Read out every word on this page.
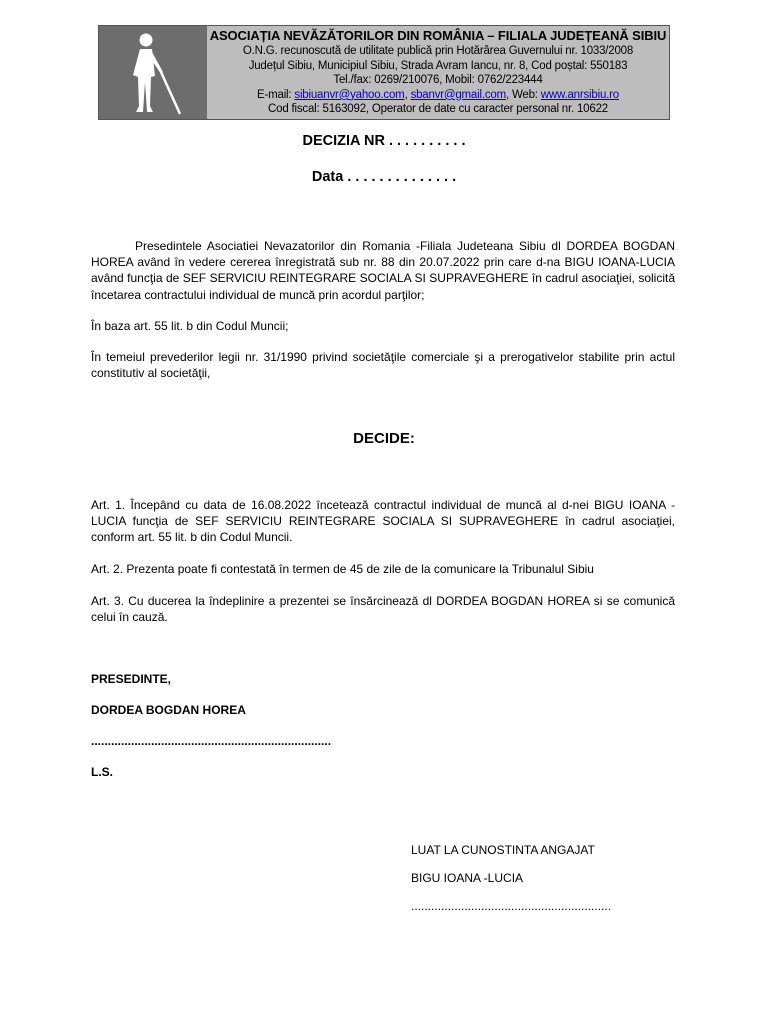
ASOCIAȚIA NEVĂZĂTORILOR DIN ROMÂNIA – FILIALA JUDEȚEANĂ SIBIU
O.N.G. recunoscută de utilitate publică prin Hotărârea Guvernului nr. 1033/2008
Județul Sibiu, Municipiul Sibiu, Strada Avram Iancu, nr. 8, Cod poștal: 550183
Tel./fax: 0269/210076, Mobil: 0762/223444
E-mail: sibiuanvr@yahoo.com, sbanvr@gmail.com, Web: www.anrsibiu.ro
Cod fiscal: 5163092, Operator de date cu caracter personal nr. 10622
DECIZIA NR . . . . . . . . . .
Data . . . . . . . . . . . . . .
Presedintele Asociatiei Nevazatorilor din Romania -Filiala Judeteana Sibiu dl DORDEA BOGDAN HOREA având în vedere cererea înregistrată sub nr. 88 din 20.07.2022 prin care d-na BIGU IOANA-LUCIA având funcţia de SEF SERVICIU REINTEGRARE SOCIALA SI SUPRAVEGHERE în cadrul asociaţiei, solicită încetarea contractului individual de muncă prin acordul parţilor;
În baza art. 55 lit. b din Codul Muncii;
În temeiul prevederilor legii nr. 31/1990 privind societăţile comerciale şi a prerogativelor stabilite prin actul constitutiv al societăţii,
DECIDE:
Art. 1. Începând cu data de 16.08.2022 încetează contractul individual de muncă al d-nei BIGU IOANA -LUCIA funcţia de SEF SERVICIU REINTEGRARE SOCIALA SI SUPRAVEGHERE în cadrul asociaţiei, conform art. 55 lit. b din Codul Muncii.
Art. 2. Prezenta poate fi contestată în termen de 45 de zile de la comunicare la Tribunalul Sibiu
Art. 3. Cu ducerea la îndeplinire a prezentei se însărcinează dl DORDEA BOGDAN HOREA si se comunică celui în cauză.
PRESEDINTE,
DORDEA BOGDAN HOREA
........................................................................
L.S.
LUAT LA CUNOSTINTA ANGAJAT
BIGU IOANA -LUCIA
............................................................
